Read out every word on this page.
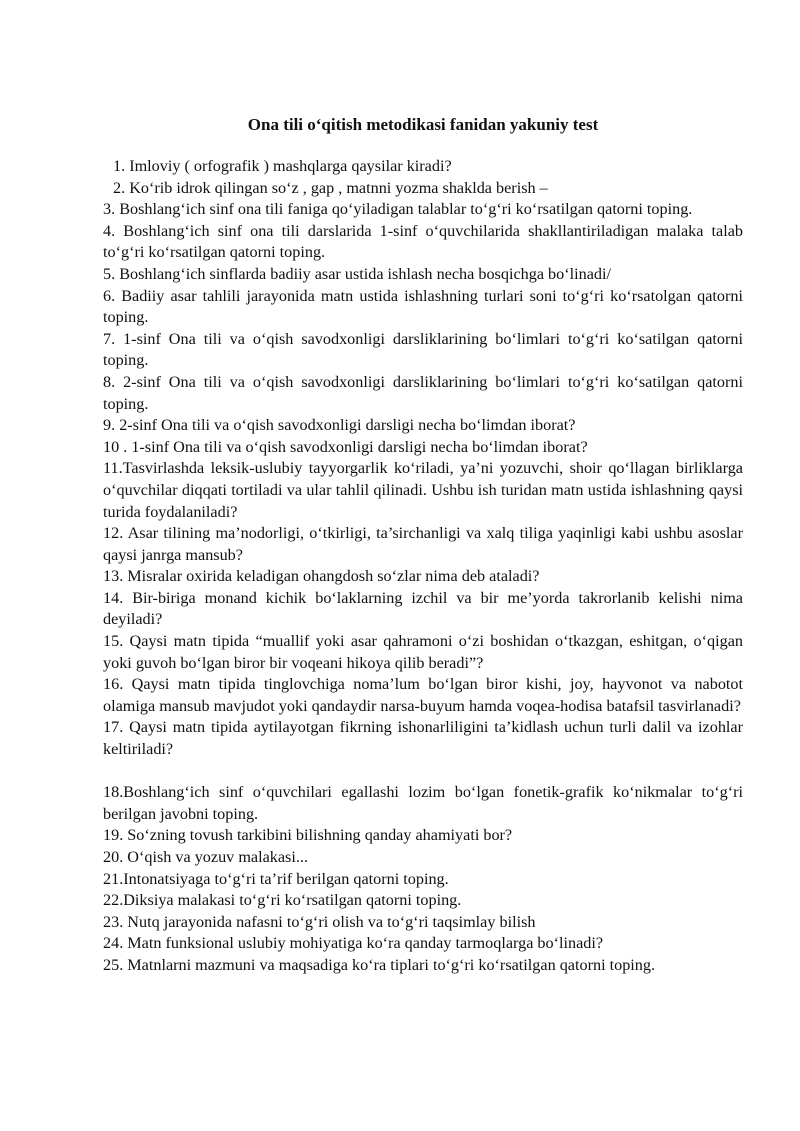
Ona tili o‘qitish metodikasi fanidan yakuniy test

1. Imloviy ( orfografik ) mashqlarga qaysilar kiradi?

2. Ko‘rib idrok qilingan so‘z , gap , matnni yozma shaklda berish –

3. Boshlang‘ich sinf ona tili faniga qo‘yiladigan talablar to‘g‘ri ko‘rsatilgan qatorni toping.

4. Boshlang‘ich sinf ona tili darslarida 1-sinf o‘quvchilarida shakllantiriladigan malaka talab to‘g‘ri ko‘rsatilgan qatorni toping.

5. Boshlang‘ich sinflarda badiiy asar ustida ishlash necha bosqichga bo‘linadi/

6. Badiiy asar tahlili jarayonida matn ustida ishlashning turlari soni to‘g‘ri ko‘rsatolgan qatorni toping.

7. 1-sinf Ona tili va o‘qish savodxonligi darsliklarining bo‘limlari to‘g‘ri ko‘satilgan qatorni toping.

8. 2-sinf Ona tili va o‘qish savodxonligi darsliklarining bo‘limlari to‘g‘ri ko‘satilgan qatorni toping.

9. 2-sinf Ona tili va o‘qish savodxonligi darsligi necha bo‘limdan iborat?

10 . 1-sinf Ona tili va o‘qish savodxonligi darsligi necha bo‘limdan iborat?

11.Tasvirlashda leksik-uslubiy tayyorgarlik ko‘riladi, ya’ni yozuvchi, shoir qo‘llagan birliklarga o‘quvchilar diqqati tortiladi va ular tahlil qilinadi. Ushbu ish turidan matn ustida ishlashning qaysi turida foydalaniladi?

12. Asar tilining ma’nodorligi, o‘tkirligi, ta’sirchanligi va xalq tiliga yaqinligi kabi ushbu asoslar qaysi janrga mansub?

13. Misralar oxirida keladigan ohangdosh so‘zlar nima deb ataladi?

14. Bir-biriga monand kichik bo‘laklarning izchil va bir me’yorda takrorlanib kelishi nima deyiladi?

15. Qaysi matn tipida “muallif yoki asar qahramoni o‘zi boshidan o‘tkazgan, eshitgan, o‘qigan yoki guvoh bo‘lgan biror bir voqeani hikoya qilib beradi”?

16. Qaysi matn tipida tinglovchiga noma’lum bo‘lgan biror kishi, joy, hayvonot va nabotot olamiga mansub mavjudot yoki qandaydir narsa-buyum hamda voqea-hodisa batafsil tasvirlanadi?

17. Qaysi matn tipida aytilayotgan fikrning ishonarliligini ta’kidlash uchun turli dalil va izohlar keltiriladi?

18.Boshlang‘ich sinf o‘quvchilari egallashi lozim bo‘lgan fonetik-grafik ko‘nikmalar to‘g‘ri berilgan javobni toping.

19. So‘zning tovush tarkibini bilishning qanday ahamiyati bor?

20. O‘qish va yozuv malakasi...

21.Intonatsiyaga to‘g‘ri ta’rif berilgan qatorni toping.

22.Diksiya malakasi to‘g‘ri ko‘rsatilgan qatorni toping.

23. Nutq jarayonida nafasni to‘g‘ri olish va to‘g‘ri taqsimlay bilish

24. Matn funksional uslubiy mohiyatiga ko‘ra qanday tarmoqlarga bo‘linadi?

25. Matnlarni mazmuni va maqsadiga ko‘ra tiplari to‘g‘ri ko‘rsatilgan qatorni toping.
